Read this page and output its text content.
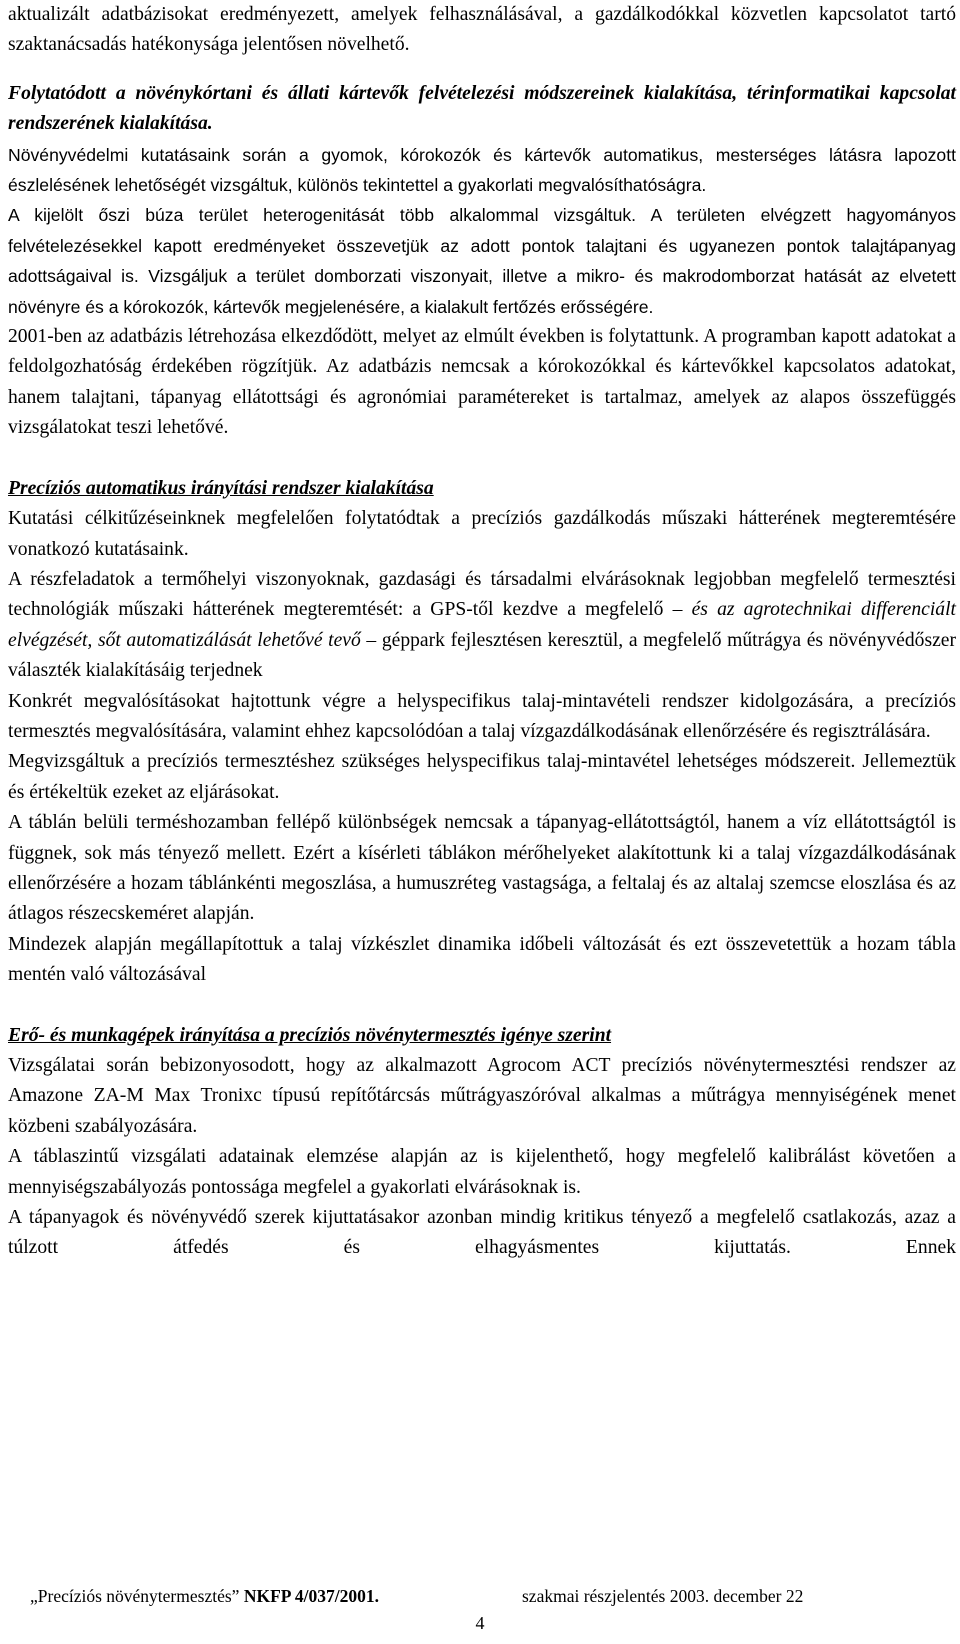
aktualizált adatbázisokat eredményezett, amelyek felhasználásával, a gazdálkodókkal közvetlen kapcsolatot tartó szaktanácsadás hatékonysága jelentősen növelhető.

Folytatódott a növénykórtani és állati kártevők felvételezési módszereinek kialakítása, térinformatikai kapcsolat rendszerének kialakítása.

Növényvédelmi kutatásaink során a gyomok, kórokozók és kártevők automatikus, mesterséges látásra lapozott észlelésének lehetőségét vizsgáltuk, különös tekintettel a gyakorlati megvalósíthatóságra.

A kijelölt őszi búza terület heterogenitását több alkalommal vizsgáltuk. A területen elvégzett hagyományos felvételezésekkel kapott eredményeket összevetjük az adott pontok talajtani és ugyanezen pontok talajtápanyag adottságaival is. Vizsgáljuk a terület domborzati viszonyait, illetve a mikro- és makrodomborzat hatását az elvetett növényre és a kórokozók, kártevők megjelenésére, a kialakult fertőzés erősségére.

2001-ben az adatbázis létrehozása elkezdődött, melyet az elmúlt években is folytattunk. A programban kapott adatokat a feldolgozhatóság érdekében rögzítjük. Az adatbázis nemcsak a kórokozókkal és kártevőkkel kapcsolatos adatokat, hanem talajtani, tápanyag ellátottsági és agronómiai paramétereket is tartalmaz, amelyek az alapos összefüggés vizsgálatokat teszi lehetővé.

Precíziós automatikus irányítási rendszer kialakítása

Kutatási célkitűzéseinknek megfelelően folytatódtak a precíziós gazdálkodás műszaki hátterének megteremtésére vonatkozó kutatásaink.

A részfeladatok a termőhelyi viszonyoknak, gazdasági és társadalmi elvárásoknak legjobban megfelelő termesztési technológiák műszaki hátterének megteremtését: a GPS-től kezdve a megfelelő – és az agrotechnikai differenciált elvégzését, sőt automatizálását lehetővé tevő – géppark fejlesztésen keresztül, a megfelelő műtrágya és növényvédőszer választék kialakításáig terjednek

Konkrét megvalósításokat hajtottunk végre a helyspecifikus talaj-mintavételi rendszer kidolgozására, a precíziós termesztés megvalósítására, valamint ehhez kapcsolódóan a talaj vízgazdálkodásának ellenőrzésére és regisztrálására.

Megvizsgáltuk a precíziós termesztéshez szükséges helyspecifikus talaj-mintavétel lehetséges módszereit. Jellemeztük és értékeltük ezeket az eljárásokat.

A táblán belüli terméshozamban fellépő különbségek nemcsak a tápanyag-ellátottságtól, hanem a víz ellátottságtól is függnek, sok más tényező mellett. Ezért a kísérleti táblákon mérőhelyeket alakítottunk ki a talaj vízgazdálkodásának ellenőrzésére a hozam táblánkénti megoszlása, a humuszréteg vastagsága, a feltalaj és az altalaj szemcse eloszlása és az átlagos részecskeméret alapján.

Mindezek alapján megállapítottuk a talaj vízkészlet dinamika időbeli változását és ezt összevetettük a hozam tábla mentén való változásával

Erő- és munkagépek irányítása a precíziós növénytermesztés igénye szerint

Vizsgálatai során bebizonyosodott, hogy az alkalmazott Agrocom ACT precíziós növénytermesztési rendszer az Amazone ZA-M Max Tronixc típusú repítőtárcsás műtrágyaszóróval alkalmas a műtrágya mennyiségének menet közbeni szabályozására.

A táblaszintű vizsgálati adatainak elemzése alapján az is kijelenthető, hogy megfelelő kalibrálást követően a mennyiségszabályozás pontossága megfelel a gyakorlati elvárásoknak is.

A tápanyagok és növényvédő szerek kijuttatásakor azonban mindig kritikus tényező a megfelelő csatlakozás, azaz a túlzott átfedés és elhagyásmentes kijuttatás. Ennek

„Precíziós növénytermesztés” NKFP 4/037/2001.	szakmai részjelentés 2003. december 22
4
